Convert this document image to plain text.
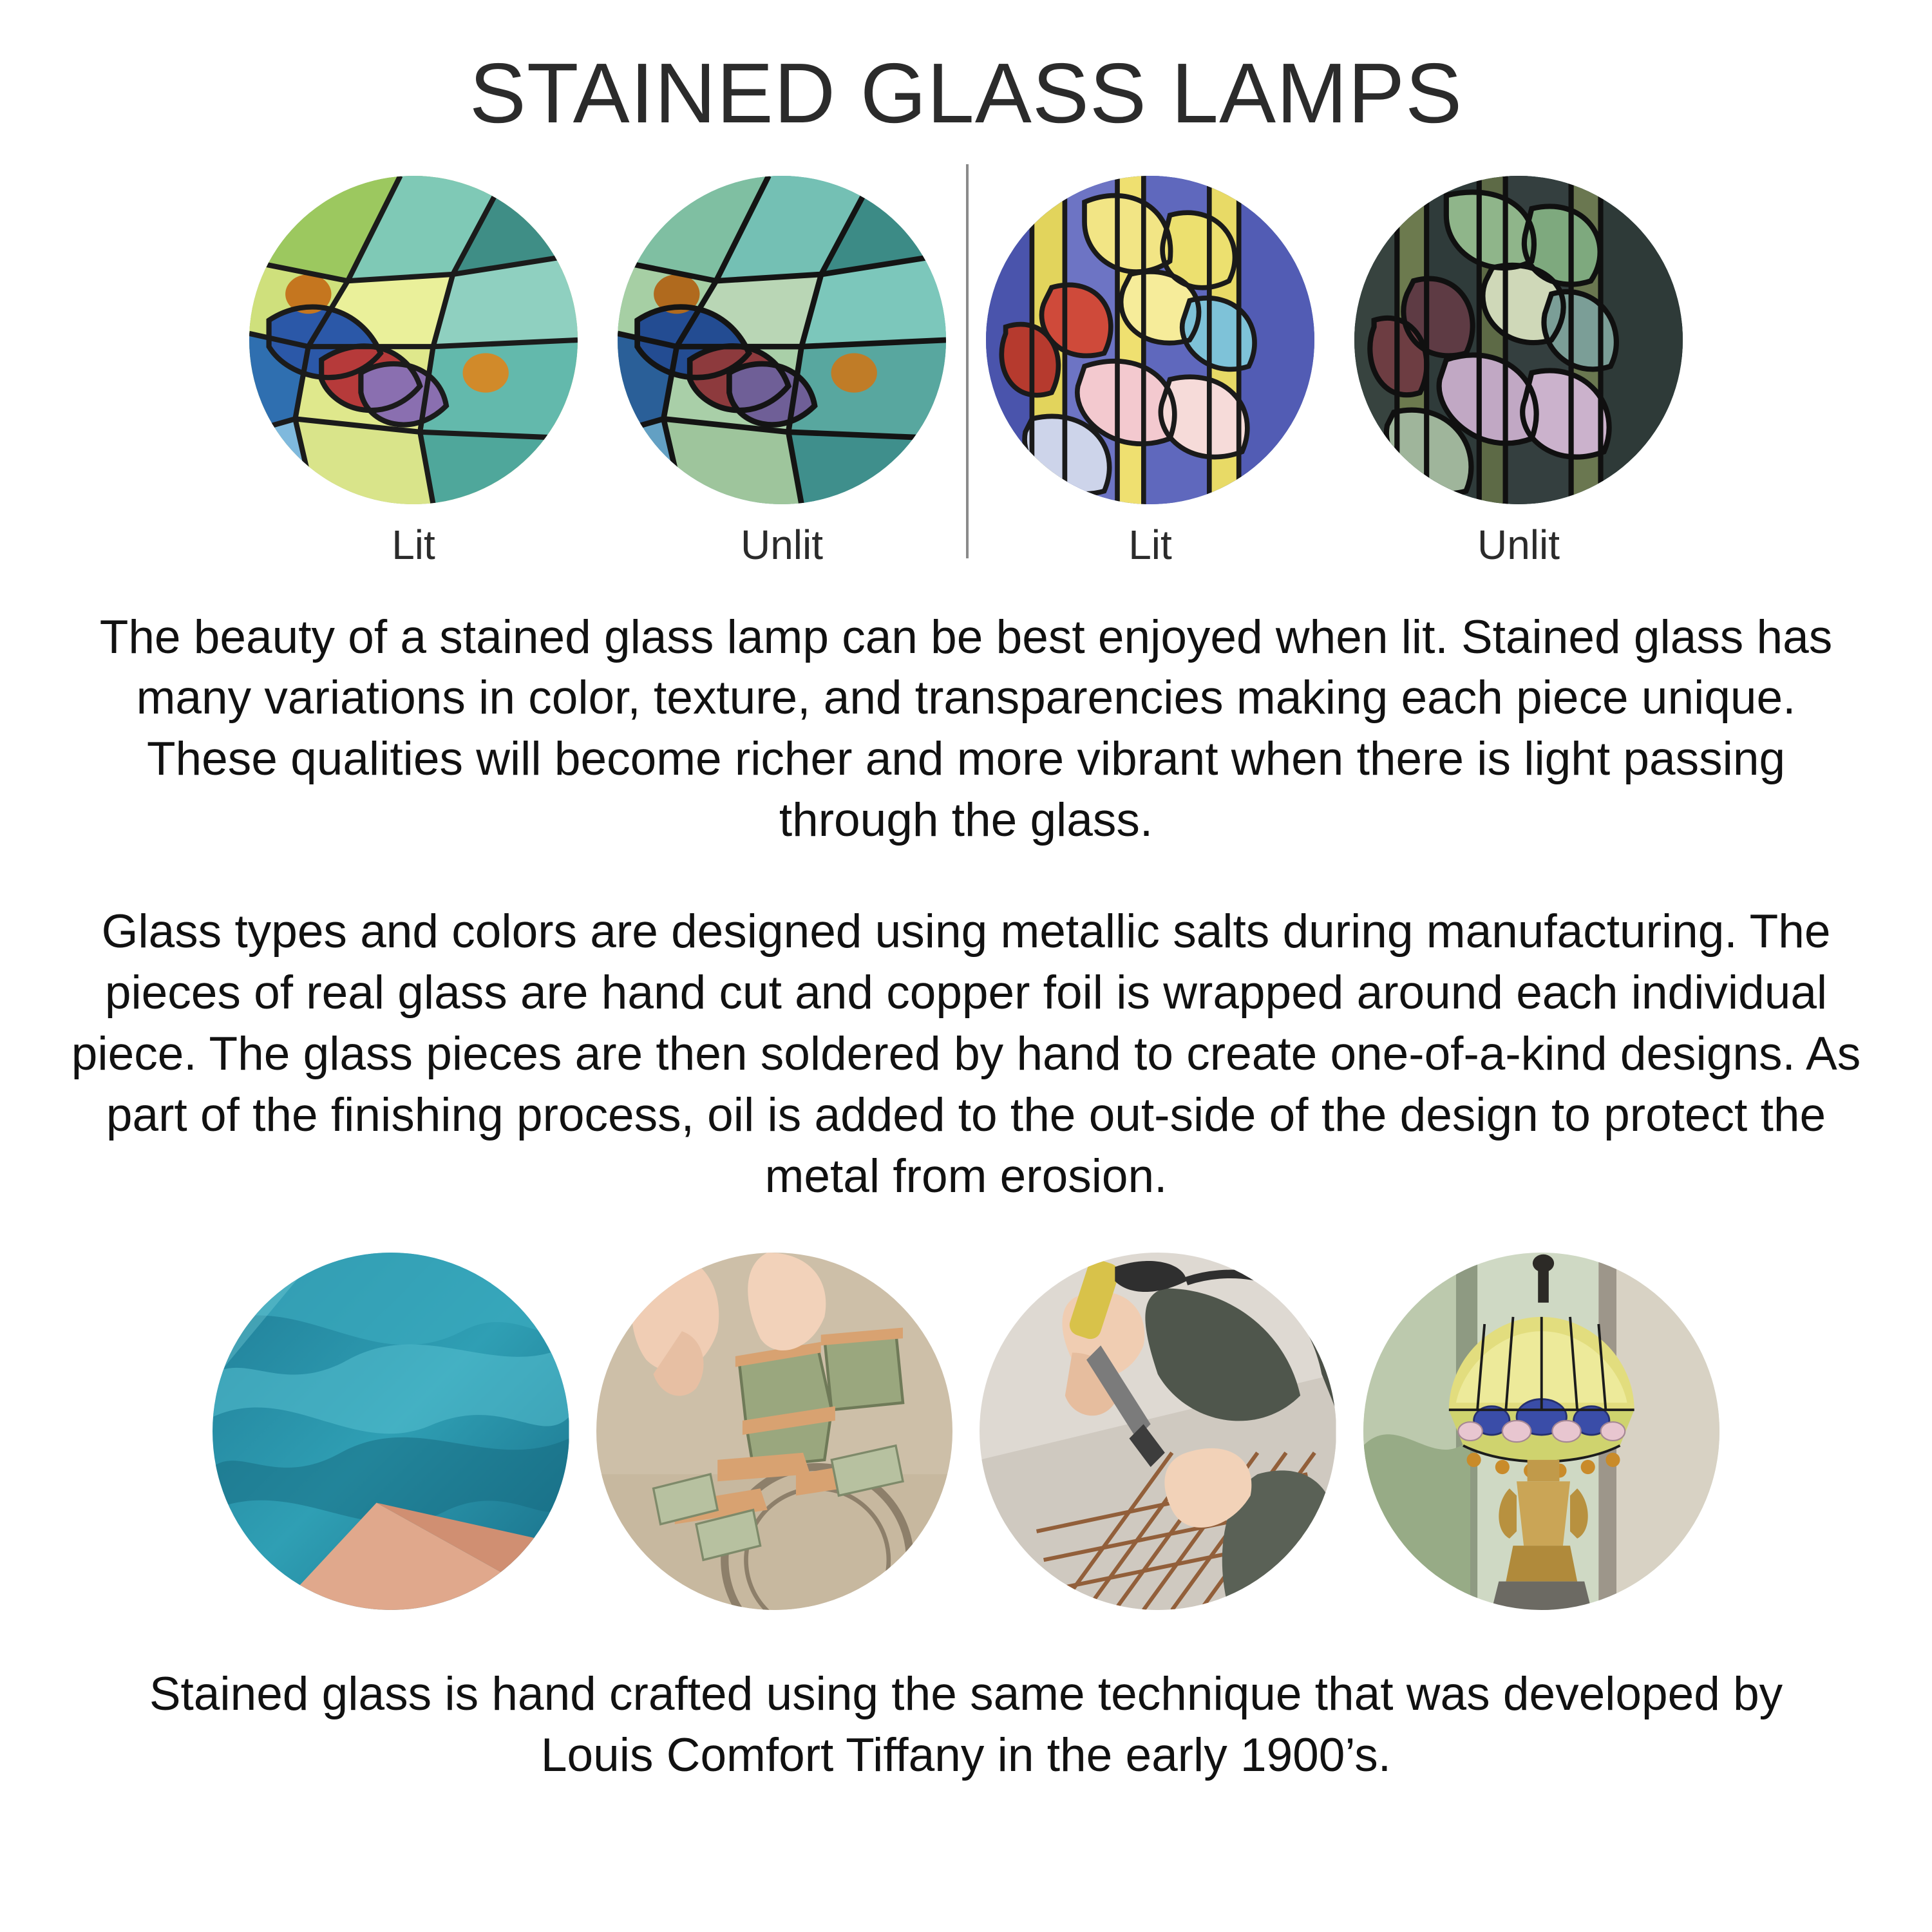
STAINED GLASS LAMPS
Lit	Unlit	Lit	Unlit
The beauty of a stained glass lamp can be best enjoyed when lit. Stained glass has many variations in color, texture, and transparencies making each piece unique. These qualities will become richer and more vibrant when there is light passing through the glass.
Glass types and colors are designed using metallic salts during manufacturing. The pieces of real glass are hand cut and copper foil is wrapped around each individual piece. The glass pieces are then soldered by hand to create one-of-a-kind designs. As part of the finishing process, oil is added to the out-side of the design to protect the metal from erosion.
Stained glass is hand crafted using the same technique that was developed by Louis Comfort Tiffany in the early 1900’s.
